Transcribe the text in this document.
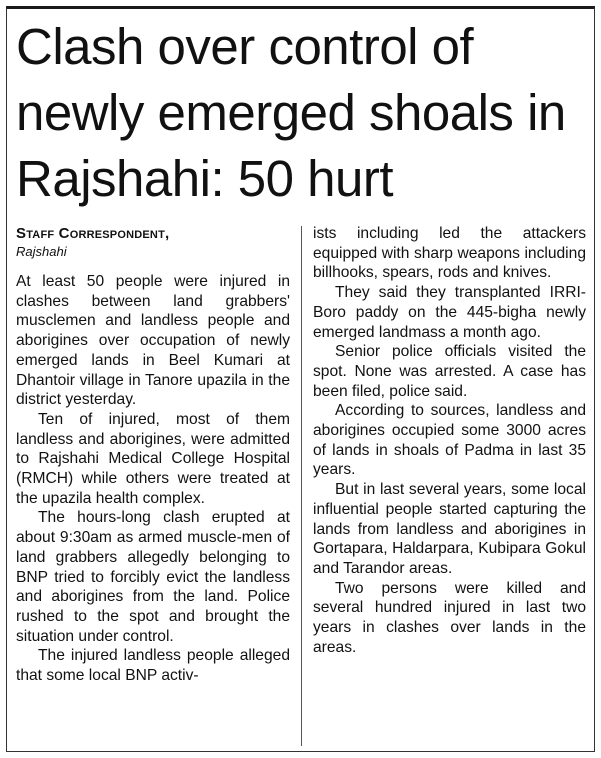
Clash over control of newly emerged shoals in Rajshahi: 50 hurt

Staff Correspondent,

Rajshahi

At least 50 people were injured in clashes between land grabbers' musclemen and landless people and aborigines over occupation of newly emerged lands in Beel Kumari at Dhantoir village in Tanore upazila in the district yesterday.

Ten of injured, most of them landless and aborigines, were admitted to Rajshahi Medical College Hospital (RMCH) while others were treated at the upazila health complex.

The hours-long clash erupted at about 9:30am as armed muscle-men of land grabbers allegedly belonging to BNP tried to forcibly evict the landless and aborigines from the land. Police rushed to the spot and brought the situation under control.

The injured landless people alleged that some local BNP activ-

ists including led the attackers equipped with sharp weapons including billhooks, spears, rods and knives.

They said they transplanted IRRI-Boro paddy on the 445-bigha newly emerged landmass a month ago.

Senior police officials visited the spot. None was arrested. A case has been filed, police said.

According to sources, landless and aborigines occupied some 3000 acres of lands in shoals of Padma in last 35 years.

But in last several years, some local influential people started capturing the lands from landless and aborigines in Gortapara, Haldarpara, Kubipara Gokul and Tarandor areas.

Two persons were killed and several hundred injured in last two years in clashes over lands in the areas.
